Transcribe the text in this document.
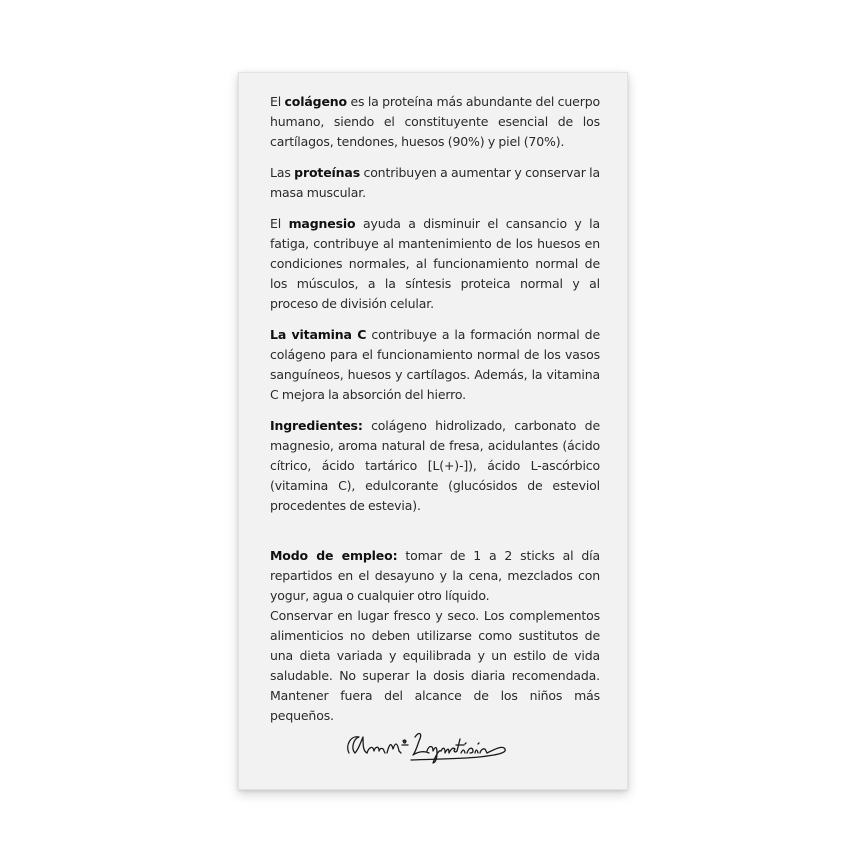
El colágeno es la proteína más abundante del cuerpo humano, siendo el constituyente esencial de los cartílagos, tendones, huesos (90%) y piel (70%).

Las proteínas contribuyen a aumentar y conservar la masa muscular.

El magnesio ayuda a disminuir el cansancio y la fatiga, contribuye al mantenimiento de los huesos en condiciones normales, al funcionamiento normal de los músculos, a la síntesis proteica normal y al proceso de división celular.

La vitamina C contribuye a la formación normal de colágeno para el funcionamiento normal de los vasos sanguíneos, huesos y cartílagos. Además, la vitamina C mejora la absorción del hierro.

Ingredientes: colágeno hidrolizado, carbonato de magnesio, aroma natural de fresa, acidulantes (ácido cítrico, ácido tartárico [L(+)-]), ácido L-ascórbico (vitamina C), edulcorante (glucósidos de esteviol procedentes de estevia).

Modo de empleo: tomar de 1 a 2 sticks al día repartidos en el desayuno y la cena, mezclados con yogur, agua o cualquier otro líquido.

Conservar en lugar fresco y seco. Los complementos alimenticios no deben utilizarse como sustitutos de una dieta variada y equilibrada y un estilo de vida saludable. No superar la dosis diaria recomendada. Mantener fuera del alcance de los niños más pequeños.
